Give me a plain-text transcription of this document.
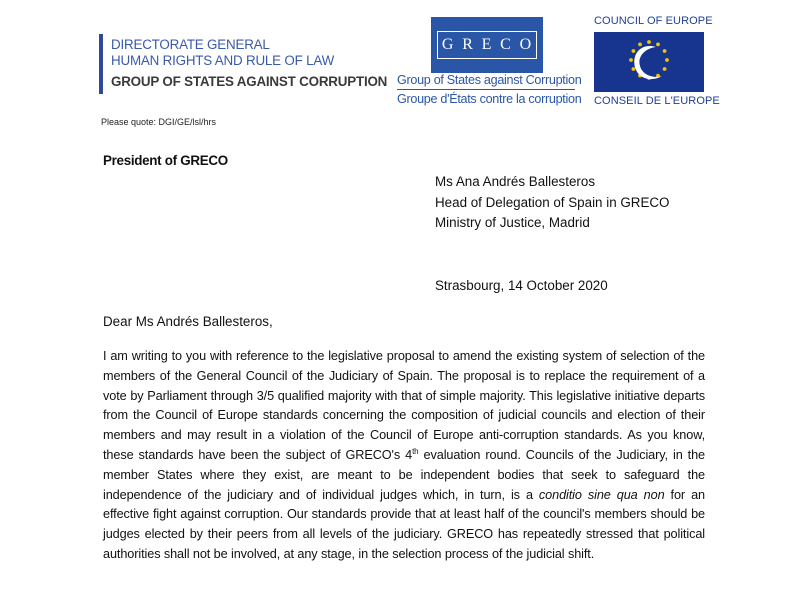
DIRECTORATE GENERAL
HUMAN RIGHTS AND RULE OF LAW
GROUP OF STATES AGAINST CORRUPTION
G R E C O
Group of States against Corruption
Groupe d'États contre la corruption
COUNCIL OF EUROPE
CONSEIL DE L'EUROPE
Please quote: DGI/GE/lsl/hrs
President of GRECO
Ms Ana Andrés Ballesteros
Head of Delegation of Spain in GRECO
Ministry of Justice, Madrid
Strasbourg, 14 October 2020
Dear Ms Andrés Ballesteros,

I am writing to you with reference to the legislative proposal to amend the existing system of selection of the members of the General Council of the Judiciary of Spain. The proposal is to replace the requirement of a vote by Parliament through 3/5 qualified majority with that of simple majority. This legislative initiative departs from the Council of Europe standards concerning the composition of judicial councils and election of their members and may result in a violation of the Council of Europe anti-corruption standards. As you know, these standards have been the subject of GRECO's 4th evaluation round. Councils of the Judiciary, in the member States where they exist, are meant to be independent bodies that seek to safeguard the independence of the judiciary and of individual judges which, in turn, is a conditio sine qua non for an effective fight against corruption. Our standards provide that at least half of the council's members should be judges elected by their peers from all levels of the judiciary. GRECO has repeatedly stressed that political authorities shall not be involved, at any stage, in the selection process of the judicial shift.
